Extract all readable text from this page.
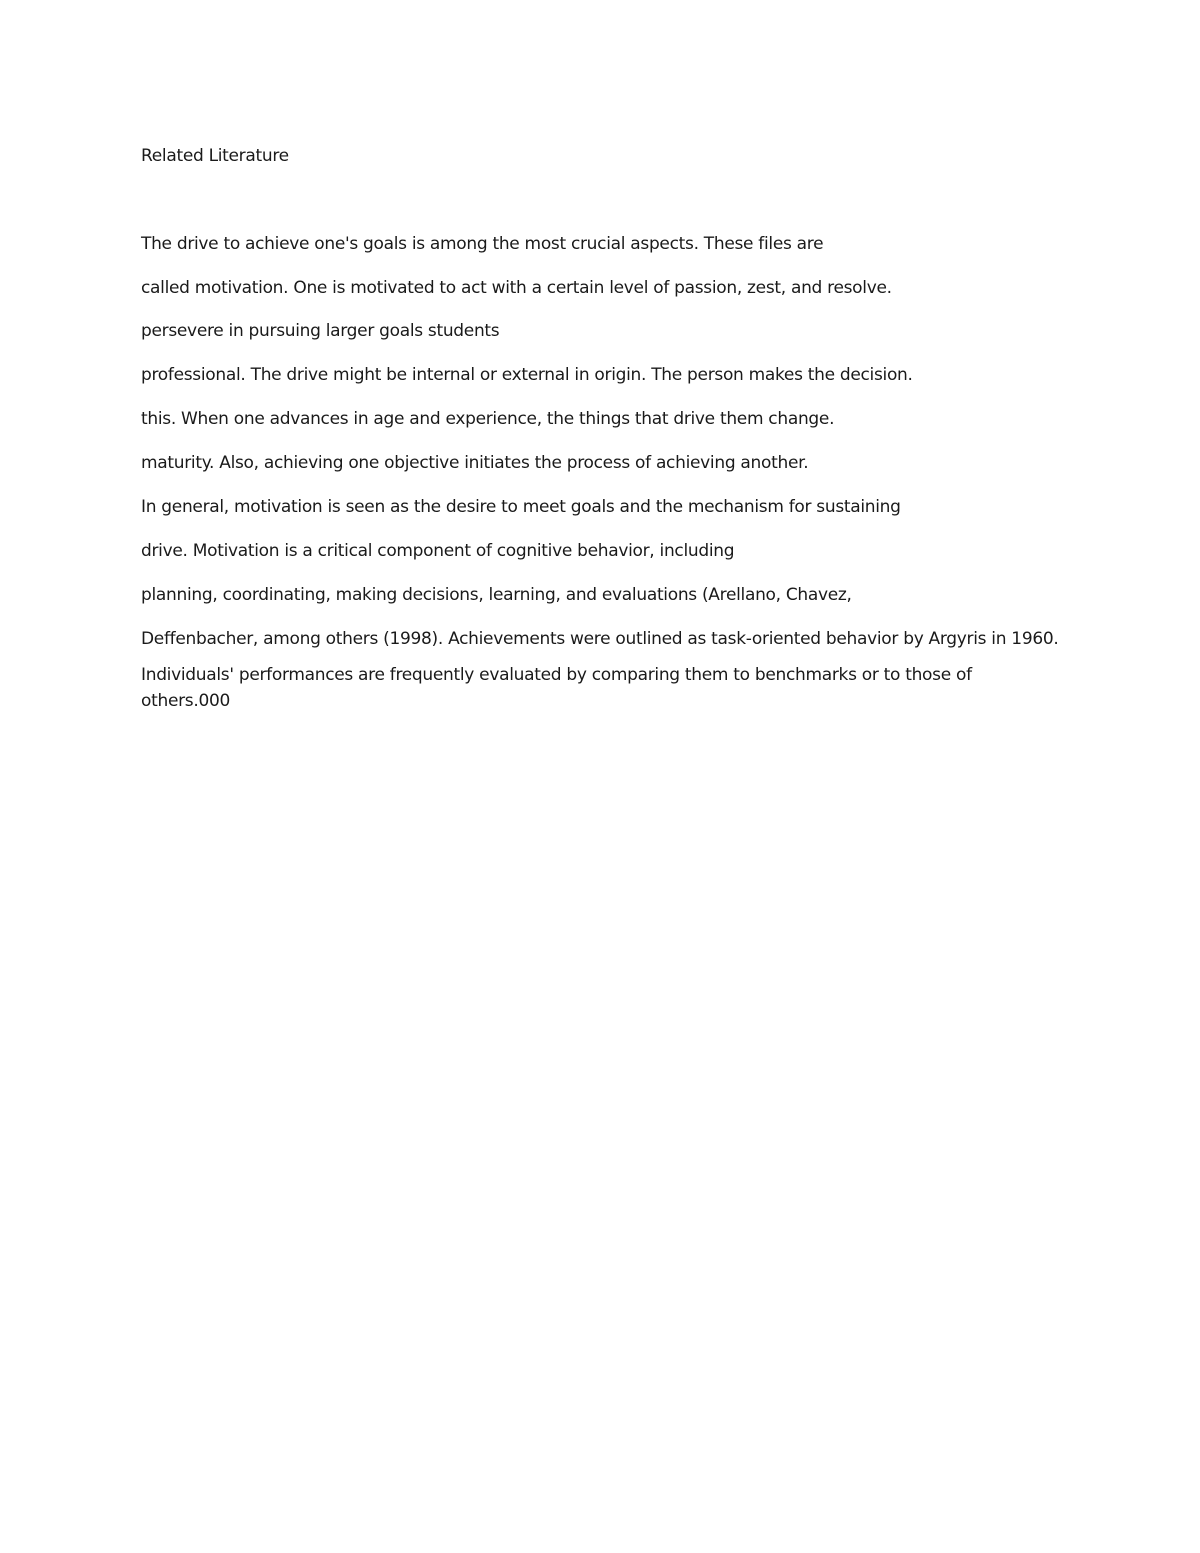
Related Literature

The drive to achieve one's goals is among the most crucial aspects. These files are

called motivation. One is motivated to act with a certain level of passion, zest, and resolve.

persevere in pursuing larger goals students

professional. The drive might be internal or external in origin. The person makes the decision.

this. When one advances in age and experience, the things that drive them change.

maturity. Also, achieving one objective initiates the process of achieving another.

In general, motivation is seen as the desire to meet goals and the mechanism for sustaining

drive. Motivation is a critical component of cognitive behavior, including

planning, coordinating, making decisions, learning, and evaluations (Arellano, Chavez,

Deffenbacher, among others (1998). Achievements were outlined as task-oriented behavior by Argyris in 1960.

Individuals' performances are frequently evaluated by comparing them to benchmarks or to those of others.000
